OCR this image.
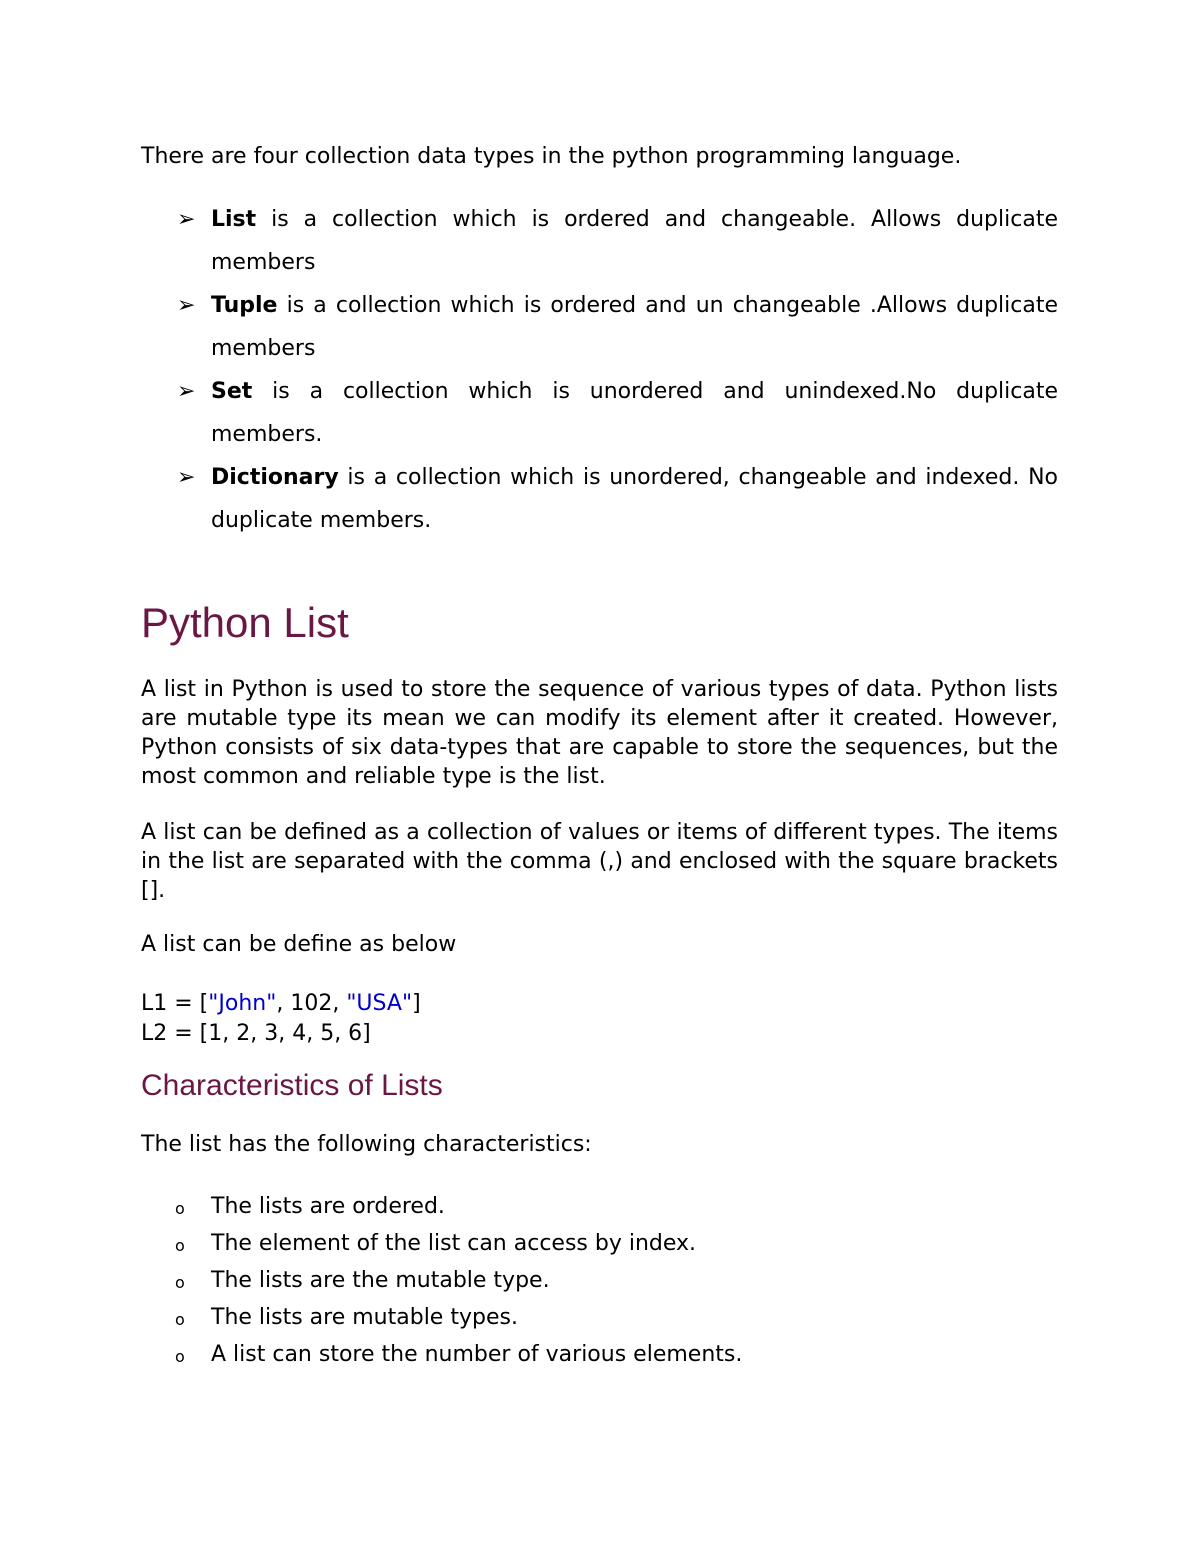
There are four collection data types in the python programming language.
➢ List is a collection which is ordered and changeable. Allows duplicate members
➢ Tuple is a collection which is ordered and un changeable .Allows duplicate members
➢ Set is a collection which is unordered and unindexed.No duplicate members.
➢ Dictionary is a collection which is unordered, changeable and indexed. No duplicate members.
Python List

A list in Python is used to store the sequence of various types of data. Python lists are mutable type its mean we can modify its element after it created. However, Python consists of six data-types that are capable to store the sequences, but the most common and reliable type is the list.

A list can be defined as a collection of values or items of different types. The items in the list are separated with the comma (,) and enclosed with the square brackets [].

A list can be define as below

L1 = ["John", 102, "USA"]
L2 = [1, 2, 3, 4, 5, 6]
Characteristics of Lists
The list has the following characteristics:
o The lists are ordered.
o The element of the list can access by index.
o The lists are the mutable type.
o The lists are mutable types.
o A list can store the number of various elements.
